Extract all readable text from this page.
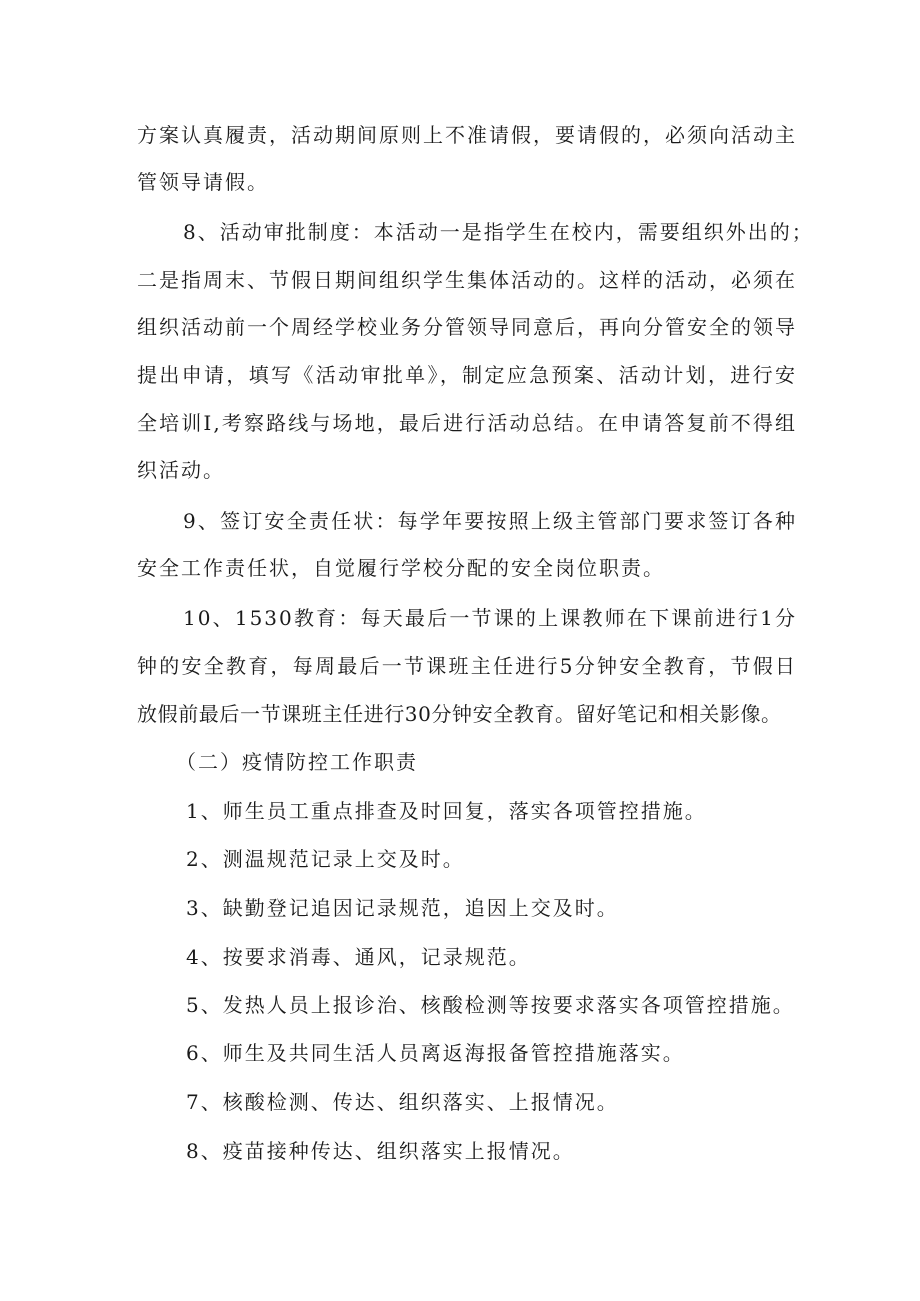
方案认真履责，活动期间原则上不准请假，要请假的，必须向活动主
管领导请假。
8、活动审批制度：本活动一是指学生在校内，需要组织外出的；
二是指周末、节假日期间组织学生集体活动的。这样的活动，必须在
组织活动前一个周经学校业务分管领导同意后，再向分管安全的领导
提出申请，填写《活动审批单》，制定应急预案、活动计划，进行安
全培训Ⅰ,考察路线与场地，最后进行活动总结。在申请答复前不得组
织活动。
9、签订安全责任状：每学年要按照上级主管部门要求签订各种
安全工作责任状，自觉履行学校分配的安全岗位职责。
10、1530教育：每天最后一节课的上课教师在下课前进行1分
钟的安全教育，每周最后一节课班主任进行5分钟安全教育，节假日
放假前最后一节课班主任进行30分钟安全教育。留好笔记和相关影像。
（二）疫情防控工作职责
1、师生员工重点排查及时回复，落实各项管控措施。
2、测温规范记录上交及时。
3、缺勤登记追因记录规范，追因上交及时。
4、按要求消毒、通风，记录规范。
5、发热人员上报诊治、核酸检测等按要求落实各项管控措施。
6、师生及共同生活人员离返海报备管控措施落实。
7、核酸检测、传达、组织落实、上报情况。
8、疫苗接种传达、组织落实上报情况。
